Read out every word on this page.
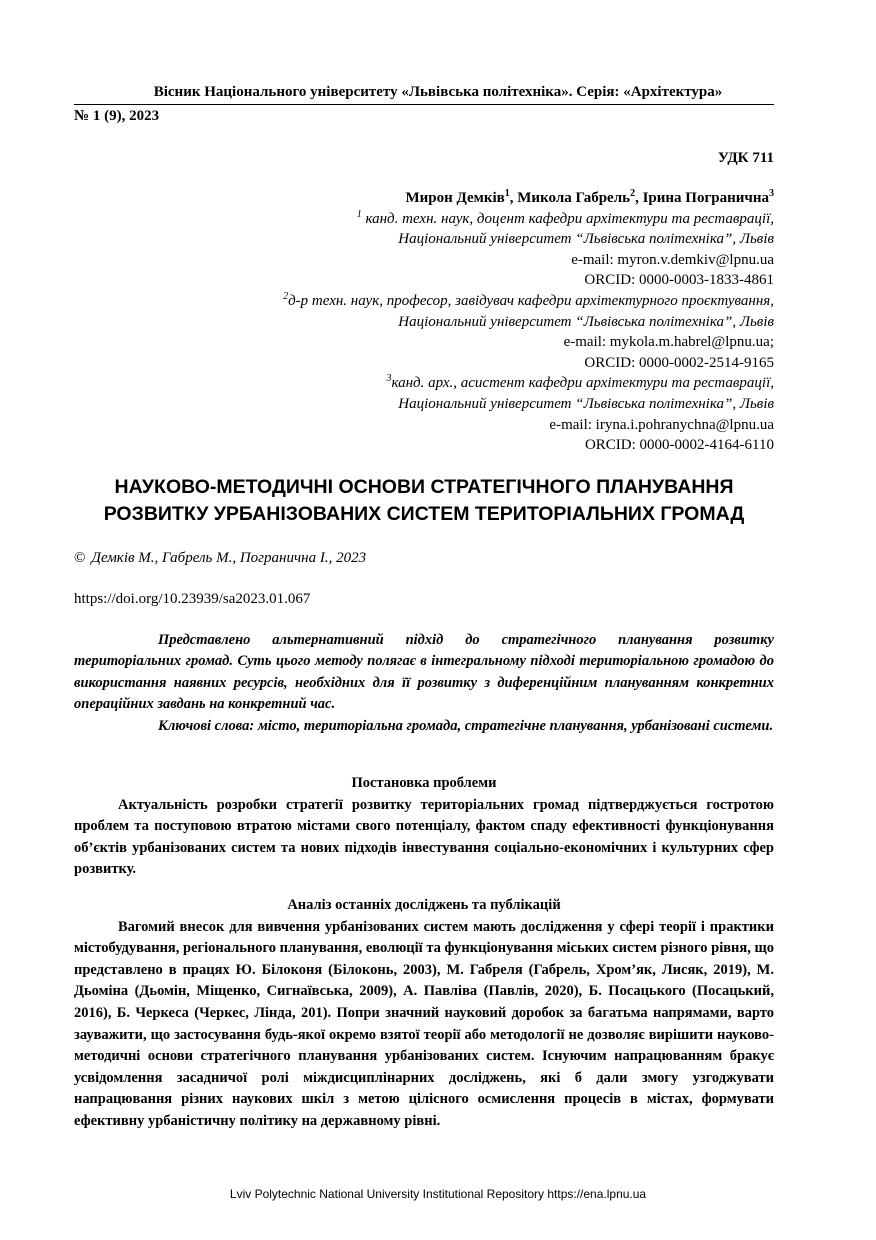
Вісник Національного університету «Львівська політехніка». Серія: «Архітектура»
№ 1 (9), 2023
УДК 711
Мирон Демків$^1$, Микола Габрель$^2$, Ірина Погранична$^3$
$^1$ канд. техн. наук, доцент кафедри архітектури та реставрації,
Національний університет “Львівська політехніка”, Львів
e-mail: myron.v.demkiv@lpnu.ua
ORCID: 0000-0003-1833-4861
$^2$д-р техн. наук, професор, завідувач кафедри архітектурного проєктування,
Національний університет “Львівська політехніка”, Львів
e-mail: mykola.m.habrel@lpnu.ua;
ORCID: 0000-0002-2514-9165
$^3$канд. арх., асистент кафедри архітектури та реставрації,
Національний університет “Львівська політехніка”, Львів
e-mail: iryna.i.pohranychna@lpnu.ua
ORCID: 0000-0002-4164-6110
НАУКОВО-МЕТОДИЧНІ ОСНОВИ СТРАТЕГІЧНОГО ПЛАНУВАННЯ
РОЗВИТКУ УРБАНІЗОВАНИХ СИСТЕМ ТЕРИТОРІАЛЬНИХ ГРОМАД
© Демків М., Габрель М., Погранична І., 2023
https://doi.org/10.23939/sa2023.01.067

Представлено альтернативний підхід до стратегічного планування розвитку територіальних громад. Суть цього методу полягає в інтегральному підході територіальною громадою до використання наявних ресурсів, необхідних для її розвитку з диференційним плануванням конкретних операційних завдань на конкретний час.

Ключові слова: місто, територіальна громада, стратегічне планування, урбанізовані системи.

Постановка проблеми

Актуальність розробки стратегії розвитку територіальних громад підтверджується гостротою проблем та поступовою втратою містами свого потенціалу, фактом спаду ефективності функціонування об’єктів урбанізованих систем та нових підходів інвестування соціально-економічних і культурних сфер розвитку.

Аналіз останніх досліджень та публікацій

Вагомий внесок для вивчення урбанізованих систем мають дослідження у сфері теорії і практики містобудування, регіонального планування, еволюції та функціонування міських систем різного рівня, що представлено в працях Ю. Білоконя (Білоконь, 2003), М. Габреля (Габрель, Хром’як, Лисяк, 2019), М. Дьоміна (Дьомін, Міщенко, Сигнаївська, 2009), А. Павліва (Павлів, 2020), Б. Посацького (Посацький, 2016), Б. Черкеса (Черкес, Лінда, 201). Попри значний науковий доробок за багатьма напрямами, варто зауважити, що застосування будь-якої окремо взятої теорії або методології не дозволяє вирішити науково-методичні основи стратегічного планування урбанізованих систем. Існуючим напрацюванням бракує усвідомлення засадничої ролі міждисциплінарних досліджень, які б дали змогу узгоджувати напрацювання різних наукових шкіл з метою цілісного осмислення процесів в містах, формувати ефективну урбаністичну політику на державному рівні.

Lviv Polytechnic National University Institutional Repository https://ena.lpnu.ua
